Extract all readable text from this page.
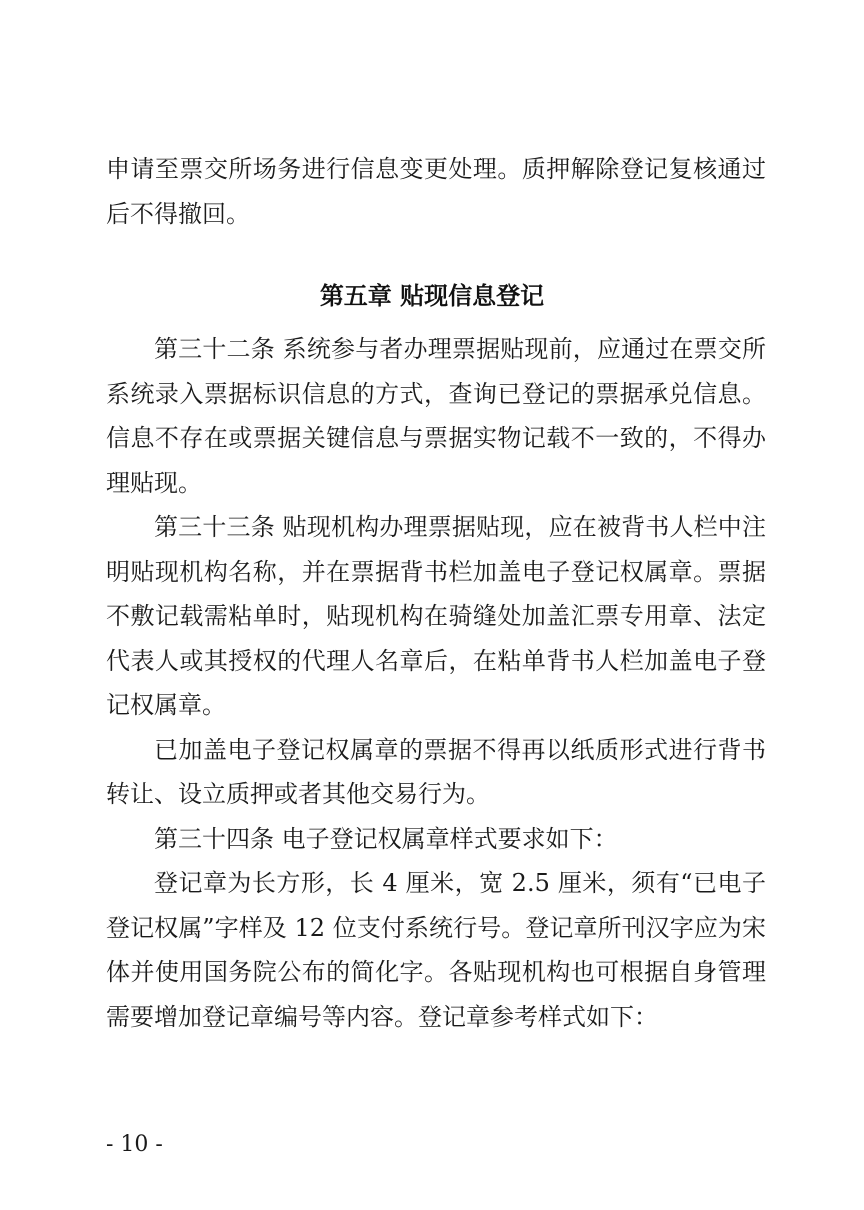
申请至票交所场务进行信息变更处理。质押解除登记复核通过后不得撤回。

第五章 贴现信息登记

第三十二条 系统参与者办理票据贴现前，应通过在票交所系统录入票据标识信息的方式，查询已登记的票据承兑信息。信息不存在或票据关键信息与票据实物记载不一致的，不得办理贴现。

第三十三条 贴现机构办理票据贴现，应在被背书人栏中注明贴现机构名称，并在票据背书栏加盖电子登记权属章。票据不敷记载需粘单时，贴现机构在骑缝处加盖汇票专用章、法定代表人或其授权的代理人名章后，在粘单背书人栏加盖电子登记权属章。

已加盖电子登记权属章的票据不得再以纸质形式进行背书转让、设立质押或者其他交易行为。

第三十四条 电子登记权属章样式要求如下：

登记章为长方形，长 4 厘米，宽 2.5 厘米，须有“已电子登记权属”字样及 12 位支付系统行号。登记章所刊汉字应为宋体并使用国务院公布的简化字。各贴现机构也可根据自身管理需要增加登记章编号等内容。登记章参考样式如下：

- 10 -
